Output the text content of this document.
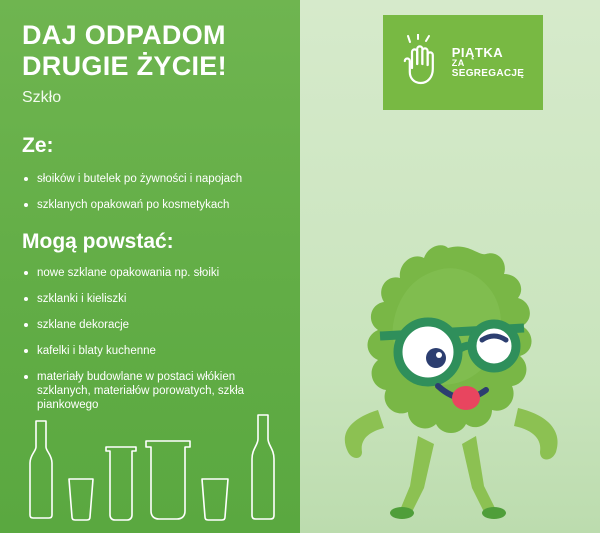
DAJ ODPADOM
DRUGIE ŻYCIE!
Szkło
Ze:
słoików i butelek po żywności i napojach
szklanych opakowań po kosmetykach
Mogą powstać:
nowe szklane opakowania np. słoiki
szklanki i kieliszki
szklane dekoracje
kafelki i blaty kuchenne
materiały budowlane w postaci włókien szklanych, materiałów porowatych, szkła piankowego
PIĄTKA
ZA
SEGREGACJĘ
